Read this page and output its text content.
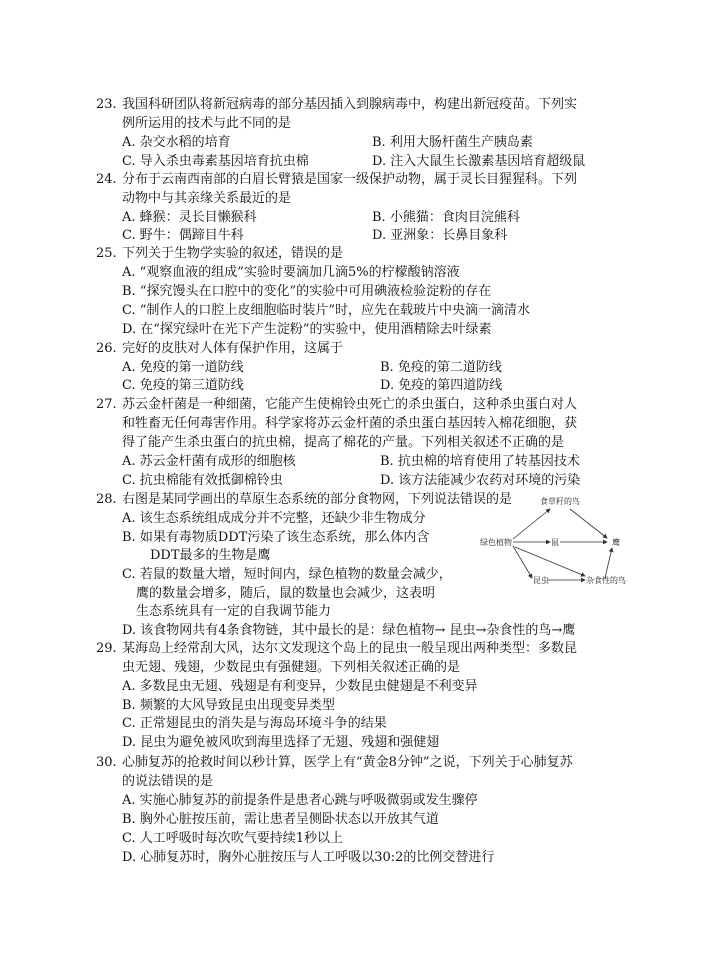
23. 我国科研团队将新冠病毒的部分基因插入到腺病毒中，构建出新冠疫苗。下列实
例所运用的技术与此不同的是
A. 杂交水稻的培育	B. 利用大肠杆菌生产胰岛素
C. 导入杀虫毒素基因培育抗虫棉	D. 注入大鼠生长激素基因培育超级鼠
24. 分布于云南西南部的白眉长臂猿是国家一级保护动物，属于灵长目猩猩科。下列
动物中与其亲缘关系最近的是
A. 蜂猴：灵长目懒猴科	B. 小熊猫：食肉目浣熊科
C. 野牛：偶蹄目牛科	D. 亚洲象：长鼻目象科
25. 下列关于生物学实验的叙述，错误的是
A. “观察血液的组成”实验时要滴加几滴5%的柠檬酸钠溶液
B. “探究馒头在口腔中的变化”的实验中可用碘液检验淀粉的存在
C. “制作人的口腔上皮细胞临时装片”时，应先在载玻片中央滴一滴清水
D. 在“探究绿叶在光下产生淀粉”的实验中，使用酒精除去叶绿素
26. 完好的皮肤对人体有保护作用，这属于
A. 免疫的第一道防线	B. 免疫的第二道防线
C. 免疫的第三道防线	D. 免疫的第四道防线
27. 苏云金杆菌是一种细菌，它能产生使棉铃虫死亡的杀虫蛋白，这种杀虫蛋白对人
和牲畜无任何毒害作用。科学家将苏云金杆菌的杀虫蛋白基因转入棉花细胞，获
得了能产生杀虫蛋白的抗虫棉，提高了棉花的产量。下列相关叙述不正确的是
A. 苏云金杆菌有成形的细胞核	B. 抗虫棉的培育使用了转基因技术
C. 抗虫棉能有效抵御棉铃虫	D. 该方法能减少农药对环境的污染
28. 右图是某同学画出的草原生态系统的部分食物网，下列说法错误的是
A. 该生态系统组成成分并不完整，还缺少非生物成分
B. 如果有毒物质DDT污染了该生态系统，那么体内含
DDT最多的生物是鹰
C. 若鼠的数量大增，短时间内，绿色植物的数量会减少，
鹰的数量会增多，随后，鼠的数量也会减少，这表明
生态系统具有一定的自我调节能力
D. 该食物网共有4条食物链，其中最长的是：绿色植物→ 昆虫→杂食性的鸟→鹰
食草籽的鸟
绿色植物	鼠	鹰
昆虫	杂食性的鸟
29. 某海岛上经常刮大风，达尔文发现这个岛上的昆虫一般呈现出两种类型：多数昆
虫无翅、残翅，少数昆虫有强健翅。下列相关叙述正确的是
A. 多数昆虫无翅、残翅是有利变异，少数昆虫健翅是不利变异
B. 频繁的大风导致昆虫出现变异类型
C. 正常翅昆虫的消失是与海岛环境斗争的结果
D. 昆虫为避免被风吹到海里选择了无翅、残翅和强健翅
30. 心肺复苏的抢救时间以秒计算，医学上有“黄金8分钟”之说，下列关于心肺复苏
的说法错误的是
A. 实施心肺复苏的前提条件是患者心跳与呼吸微弱或发生骤停
B. 胸外心脏按压前，需让患者呈侧卧状态以开放其气道
C. 人工呼吸时每次吹气要持续1秒以上
D. 心肺复苏时，胸外心脏按压与人工呼吸以30:2的比例交替进行
